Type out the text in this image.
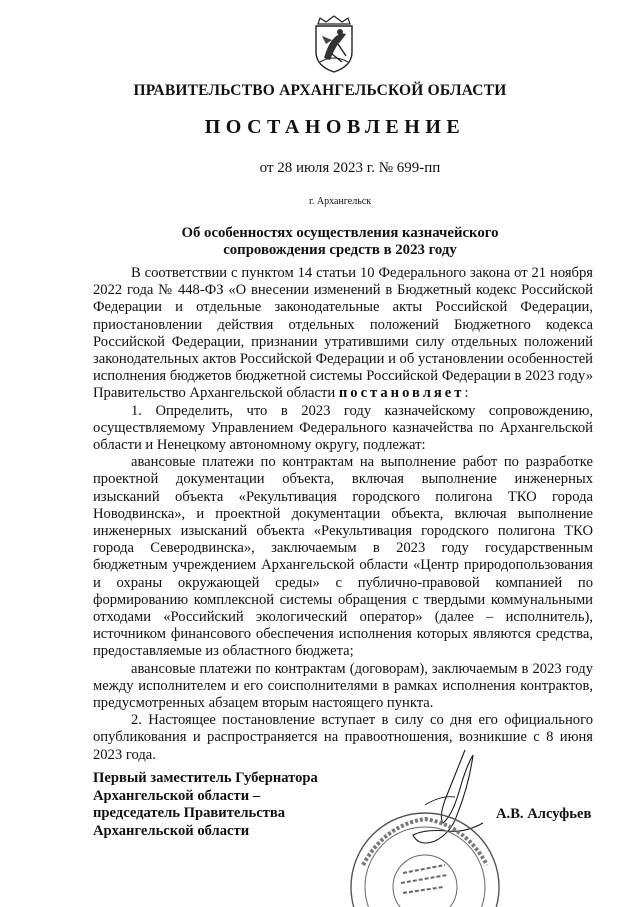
ПРАВИТЕЛЬСТВО АРХАНГЕЛЬСКОЙ ОБЛАСТИ
ПОСТАНОВЛЕНИЕ
от 28 июля 2023 г. № 699-пп
г. Архангельск
Об особенностях осуществления казначейского
сопровождения средств в 2023 году

В соответствии с пунктом 14 статьи 10 Федерального закона от 21 ноября 2022 года № 448-ФЗ «О внесении изменений в Бюджетный кодекс Российской Федерации и отдельные законодательные акты Российской Федерации, приостановлении действия отдельных положений Бюджетного кодекса Российской Федерации, признании утратившими силу отдельных положений законодательных актов Российской Федерации и об установлении особенностей исполнения бюджетов бюджетной системы Российской Федерации в 2023 году» Правительство Архангельской области постановляет:

1. Определить, что в 2023 году казначейскому сопровождению, осуществляемому Управлением Федерального казначейства по Архангельской области и Ненецкому автономному округу, подлежат:

авансовые платежи по контрактам на выполнение работ по разработке проектной документации объекта, включая выполнение инженерных изысканий объекта «Рекультивация городского полигона ТКО города Новодвинска», и проектной документации объекта, включая выполнение инженерных изысканий объекта «Рекультивация городского полигона ТКО города Северодвинска», заключаемым в 2023 году государственным бюджетным учреждением Архангельской области «Центр природопользования и охраны окружающей среды» с публично-правовой компанией по формированию комплексной системы обращения с твердыми коммунальными отходами «Российский экологический оператор» (далее – исполнитель), источником финансового обеспечения исполнения которых являются средства, предоставляемые из областного бюджета;

авансовые платежи по контрактам (договорам), заключаемым в 2023 году между исполнителем и его соисполнителями в рамках исполнения контрактов, предусмотренных абзацем вторым настоящего пункта.

2. Настоящее постановление вступает в силу со дня его официального опубликования и распространяется на правоотношения, возникшие с 8 июня 2023 года.

Первый заместитель Губернатора
Архангельской области –
председатель Правительства
Архангельской области
А.В. Алсуфьев
